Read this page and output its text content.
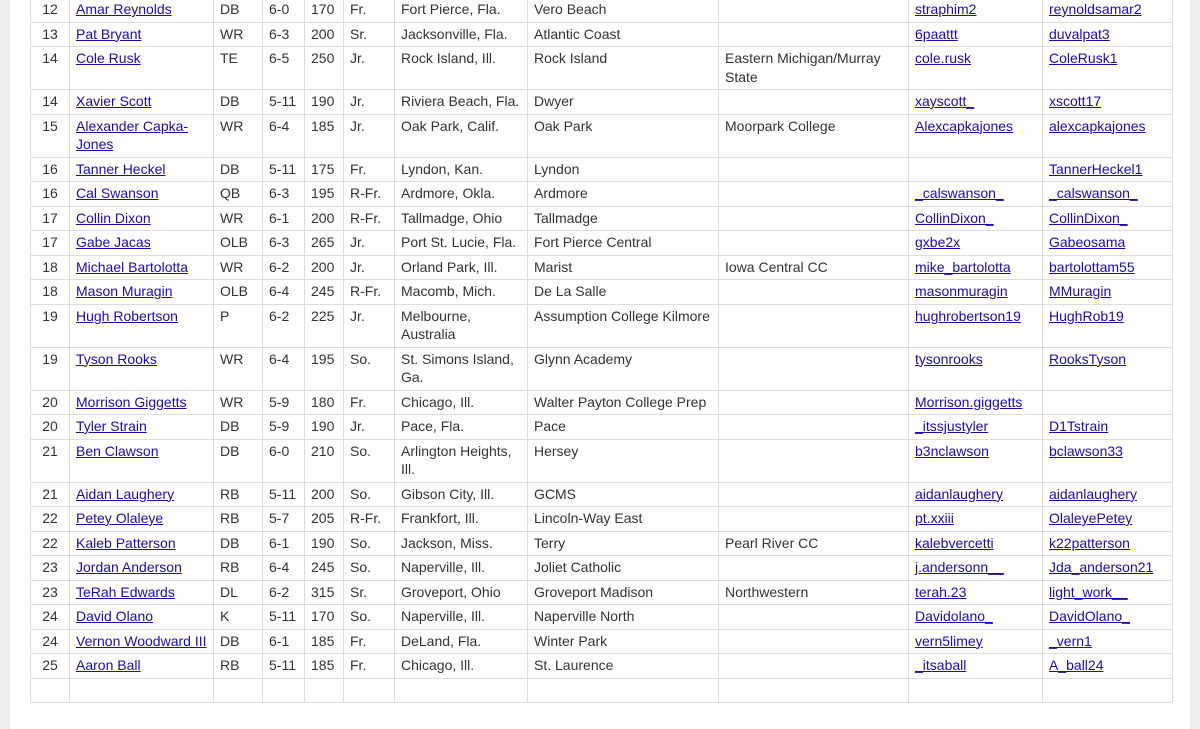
12	Amar Reynolds	DB	6-0	170	Fr.	Fort Pierce, Fla.	Vero Beach		straphim2	reynoldsamar2
13	Pat Bryant	WR	6-3	200	Sr.	Jacksonville, Fla.	Atlantic Coast		6paattt	duvalpat3
14	Cole Rusk	TE	6-5	250	Jr.	Rock Island, Ill.	Rock Island	Eastern Michigan/Murray State	cole.rusk	ColeRusk1
14	Xavier Scott	DB	5-11	190	Jr.	Riviera Beach, Fla.	Dwyer		xayscott_	xscott17
15	Alexander Capka-Jones	WR	6-4	185	Jr.	Oak Park, Calif.	Oak Park	Moorpark College	Alexcapkajones	alexcapkajones
16	Tanner Heckel	DB	5-11	175	Fr.	Lyndon, Kan.	Lyndon			TannerHeckel1
16	Cal Swanson	QB	6-3	195	R-Fr.	Ardmore, Okla.	Ardmore		_calswanson_	_calswanson_
17	Collin Dixon	WR	6-1	200	R-Fr.	Tallmadge, Ohio	Tallmadge		CollinDixon_	CollinDixon_
17	Gabe Jacas	OLB	6-3	265	Jr.	Port St. Lucie, Fla.	Fort Pierce Central		gxbe2x	Gabeosama
18	Michael Bartolotta	WR	6-2	200	Jr.	Orland Park, Ill.	Marist	Iowa Central CC	mike_bartolotta	bartolottam55
18	Mason Muragin	OLB	6-4	245	R-Fr.	Macomb, Mich.	De La Salle		masonmuragin	MMuragin
19	Hugh Robertson	P	6-2	225	Jr.	Melbourne, Australia	Assumption College Kilmore		hughrobertson19	HughRob19
19	Tyson Rooks	WR	6-4	195	So.	St. Simons Island, Ga.	Glynn Academy		tysonrooks	RooksTyson
20	Morrison Giggetts	WR	5-9	180	Fr.	Chicago, Ill.	Walter Payton College Prep		Morrison.giggetts	
20	Tyler Strain	DB	5-9	190	Jr.	Pace, Fla.	Pace		_itssjustyler	D1Tstrain
21	Ben Clawson	DB	6-0	210	So.	Arlington Heights, Ill.	Hersey		b3nclawson	bclawson33
21	Aidan Laughery	RB	5-11	200	So.	Gibson City, Ill.	GCMS		aidanlaughery	aidanlaughery
22	Petey Olaleye	RB	5-7	205	R-Fr.	Frankfort, Ill.	Lincoln-Way East		pt.xxiii	OlaleyePetey
22	Kaleb Patterson	DB	6-1	190	So.	Jackson, Miss.	Terry	Pearl River CC	kalebvercetti	k22patterson
23	Jordan Anderson	RB	6-4	245	So.	Naperville, Ill.	Joliet Catholic		j.andersonn__	Jda_anderson21
23	TeRah Edwards	DL	6-2	315	Sr.	Groveport, Ohio	Groveport Madison	Northwestern	terah.23	light_work__
24	David Olano	K	5-11	170	So.	Naperville, Ill.	Naperville North		Davidolano_	DavidOlano_
24	Vernon Woodward III	DB	6-1	185	Fr.	DeLand, Fla.	Winter Park		vern5limey	_vern1
25	Aaron Ball	RB	5-11	185	Fr.	Chicago, Ill.	St. Laurence		_itsaball	A_ball24
